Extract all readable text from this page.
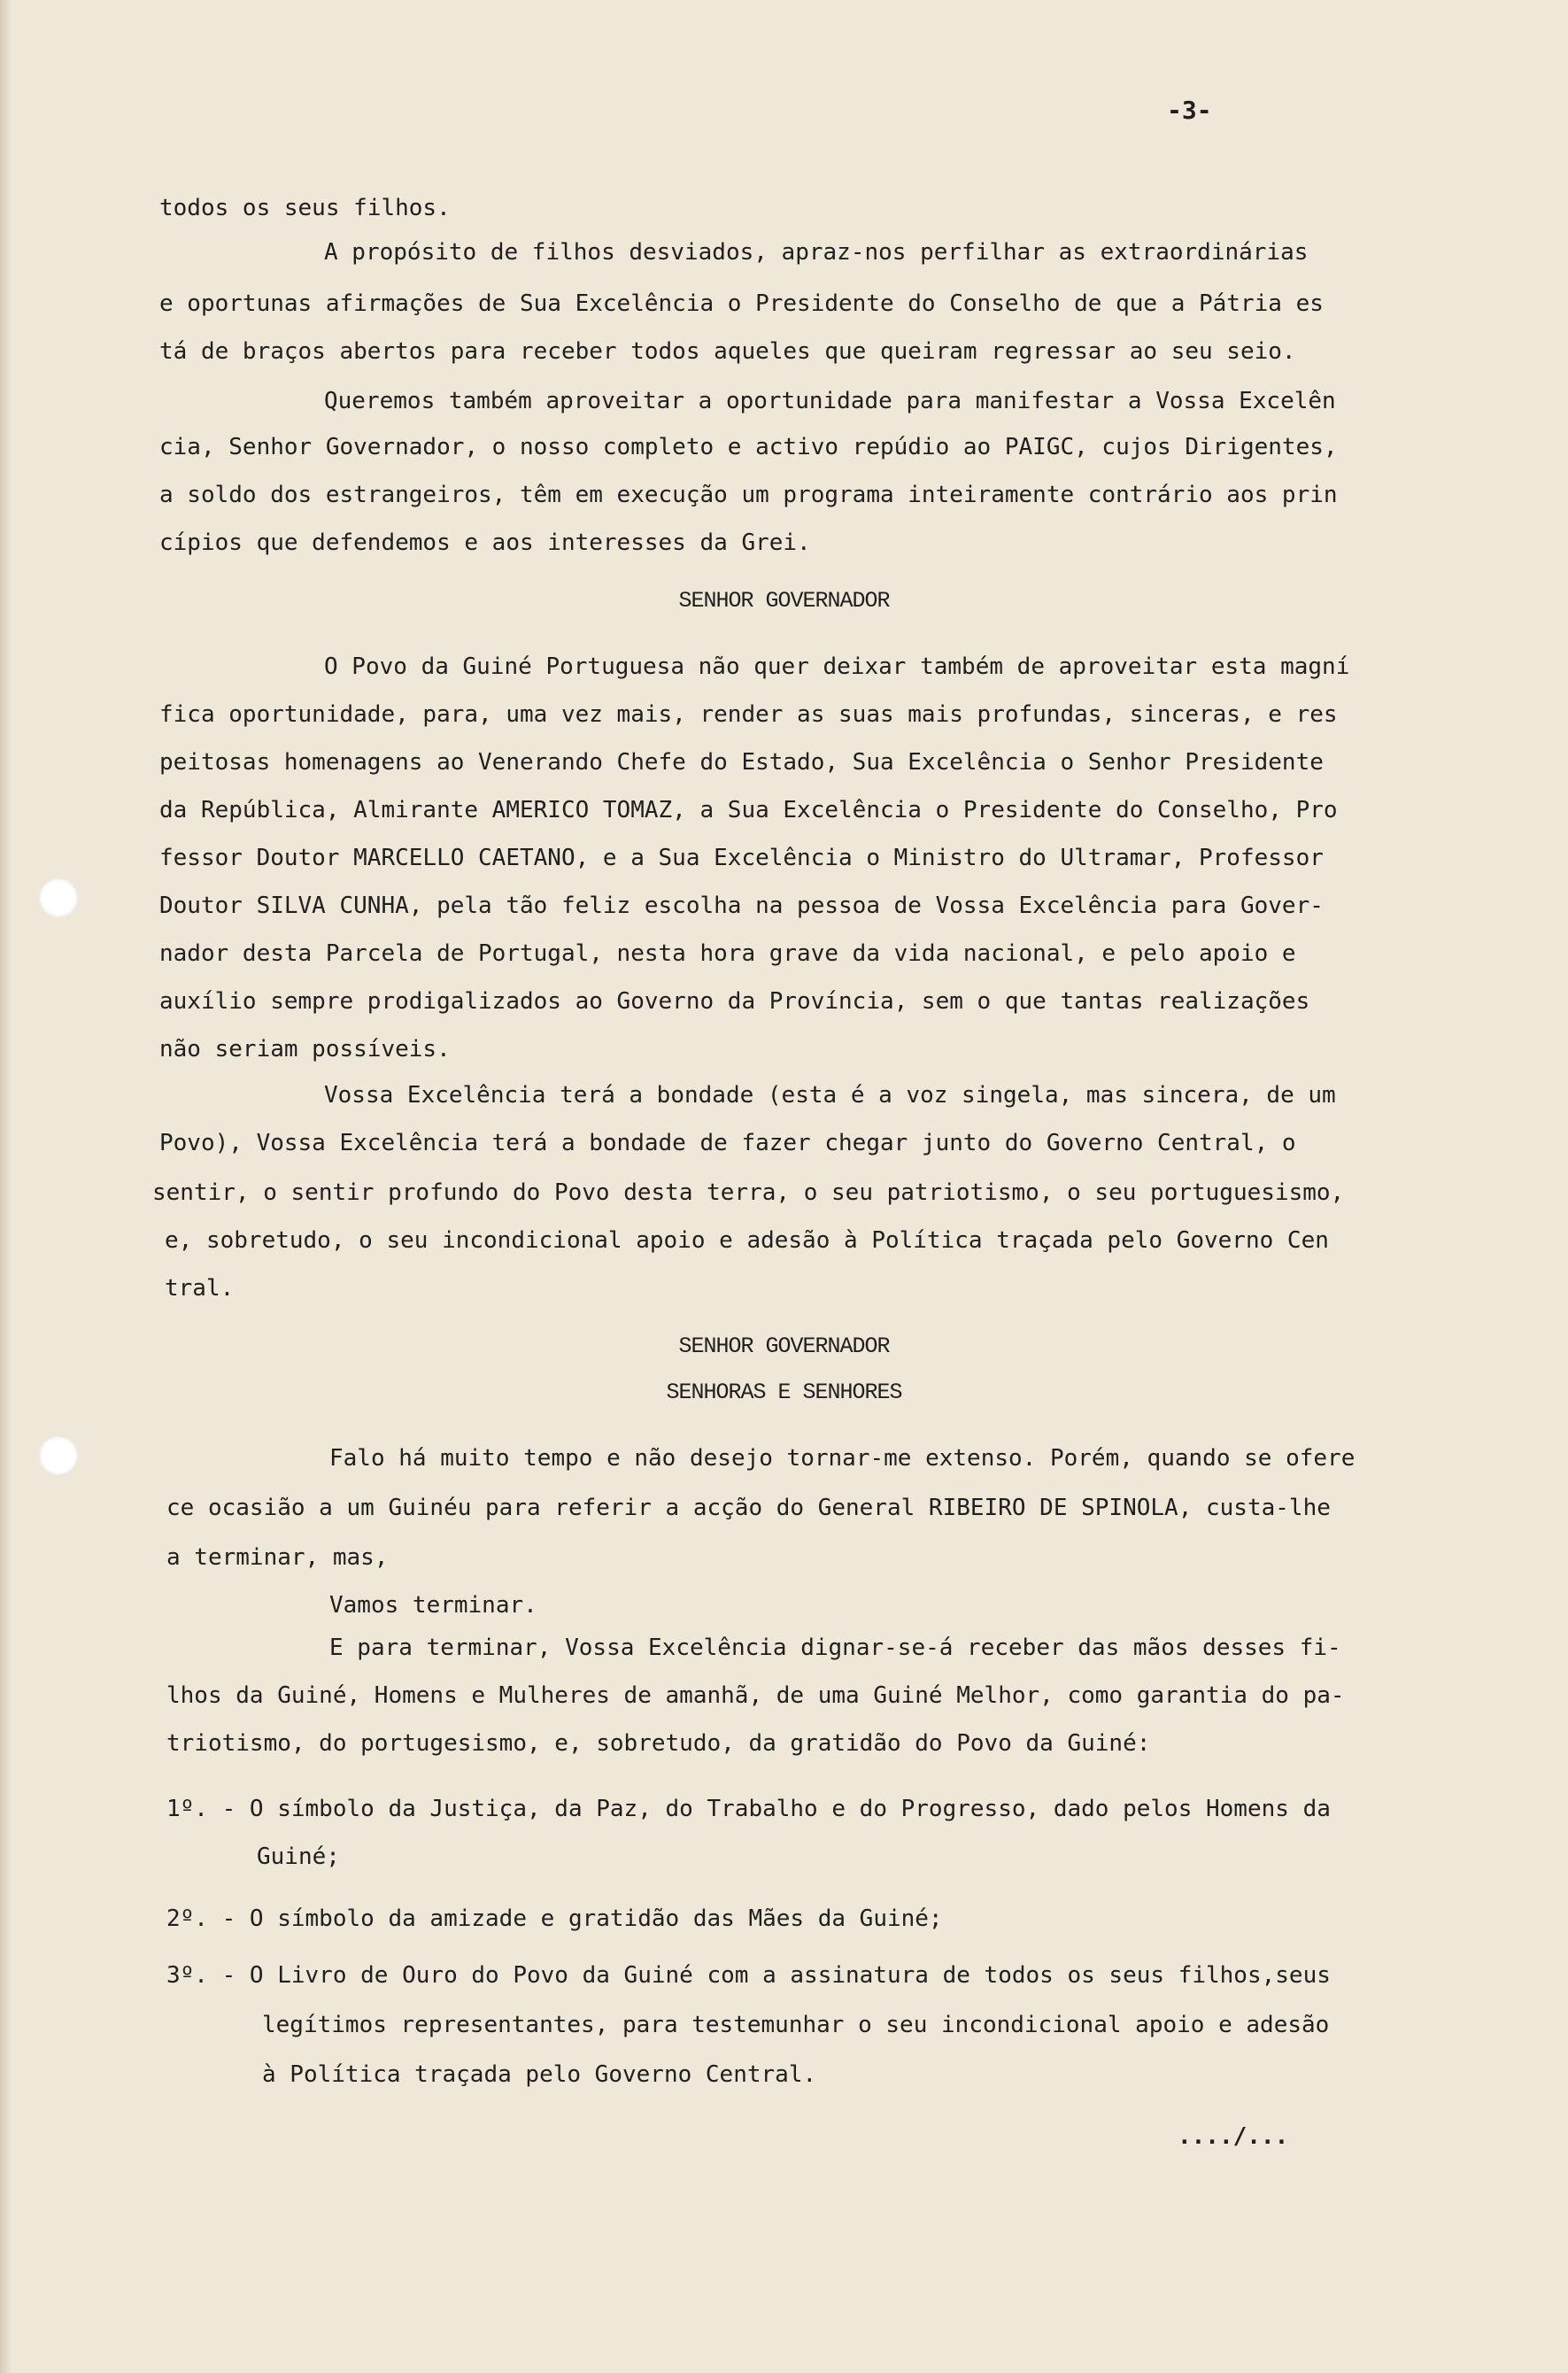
-3-
todos os seus filhos.
A propósito de filhos desviados, apraz-nos perfilhar as extraordinárias
e oportunas afirmações de Sua Excelência o Presidente do Conselho de que a Pátria es
tá de braços abertos para receber todos aqueles que queiram regressar ao seu seio.
Queremos também aproveitar a oportunidade para manifestar a Vossa Excelên
cia, Senhor Governador, o nosso completo e activo repúdio ao PAIGC, cujos Dirigentes,
a soldo dos estrangeiros, têm em execução um programa inteiramente contrário aos prin
cípios que defendemos e aos interesses da Grei.
SENHOR GOVERNADOR
O Povo da Guiné Portuguesa não quer deixar também de aproveitar esta magní
fica oportunidade, para, uma vez mais, render as suas mais profundas, sinceras, e res
peitosas homenagens ao Venerando Chefe do Estado, Sua Excelência o Senhor Presidente
da República, Almirante AMERICO TOMAZ, a Sua Excelência o Presidente do Conselho, Pro
fessor Doutor MARCELLO CAETANO, e a Sua Excelência o Ministro do Ultramar, Professor
Doutor SILVA CUNHA, pela tão feliz escolha na pessoa de Vossa Excelência para Gover-
nador desta Parcela de Portugal, nesta hora grave da vida nacional, e pelo apoio e
auxílio sempre prodigalizados ao Governo da Província, sem o que tantas realizações
não seriam possíveis.
Vossa Excelência terá a bondade (esta é a voz singela, mas sincera, de um
Povo), Vossa Excelência terá a bondade de fazer chegar junto do Governo Central, o
sentir, o sentir profundo do Povo desta terra, o seu patriotismo, o seu portuguesismo,
e, sobretudo, o seu incondicional apoio e adesão à Política traçada pelo Governo Cen
tral.
SENHOR GOVERNADOR
SENHORAS E SENHORES
Falo há muito tempo e não desejo tornar-me extenso. Porém, quando se ofere
ce ocasião a um Guinéu para referir a acção do General RIBEIRO DE SPINOLA, custa-lhe
a terminar, mas,
Vamos terminar.
E para terminar, Vossa Excelência dignar-se-á receber das mãos desses fi-
lhos da Guiné, Homens e Mulheres de amanhã, de uma Guiné Melhor, como garantia do pa-
triotismo, do portugesismo, e, sobretudo, da gratidão do Povo da Guiné:
1º. - O símbolo da Justiça, da Paz, do Trabalho e do Progresso, dado pelos Homens da
Guiné;
2º. - O símbolo da amizade e gratidão das Mães da Guiné;
3º. - O Livro de Ouro do Povo da Guiné com a assinatura de todos os seus filhos,seus
legítimos representantes, para testemunhar o seu incondicional apoio e adesão
à Política traçada pelo Governo Central.
..../...
